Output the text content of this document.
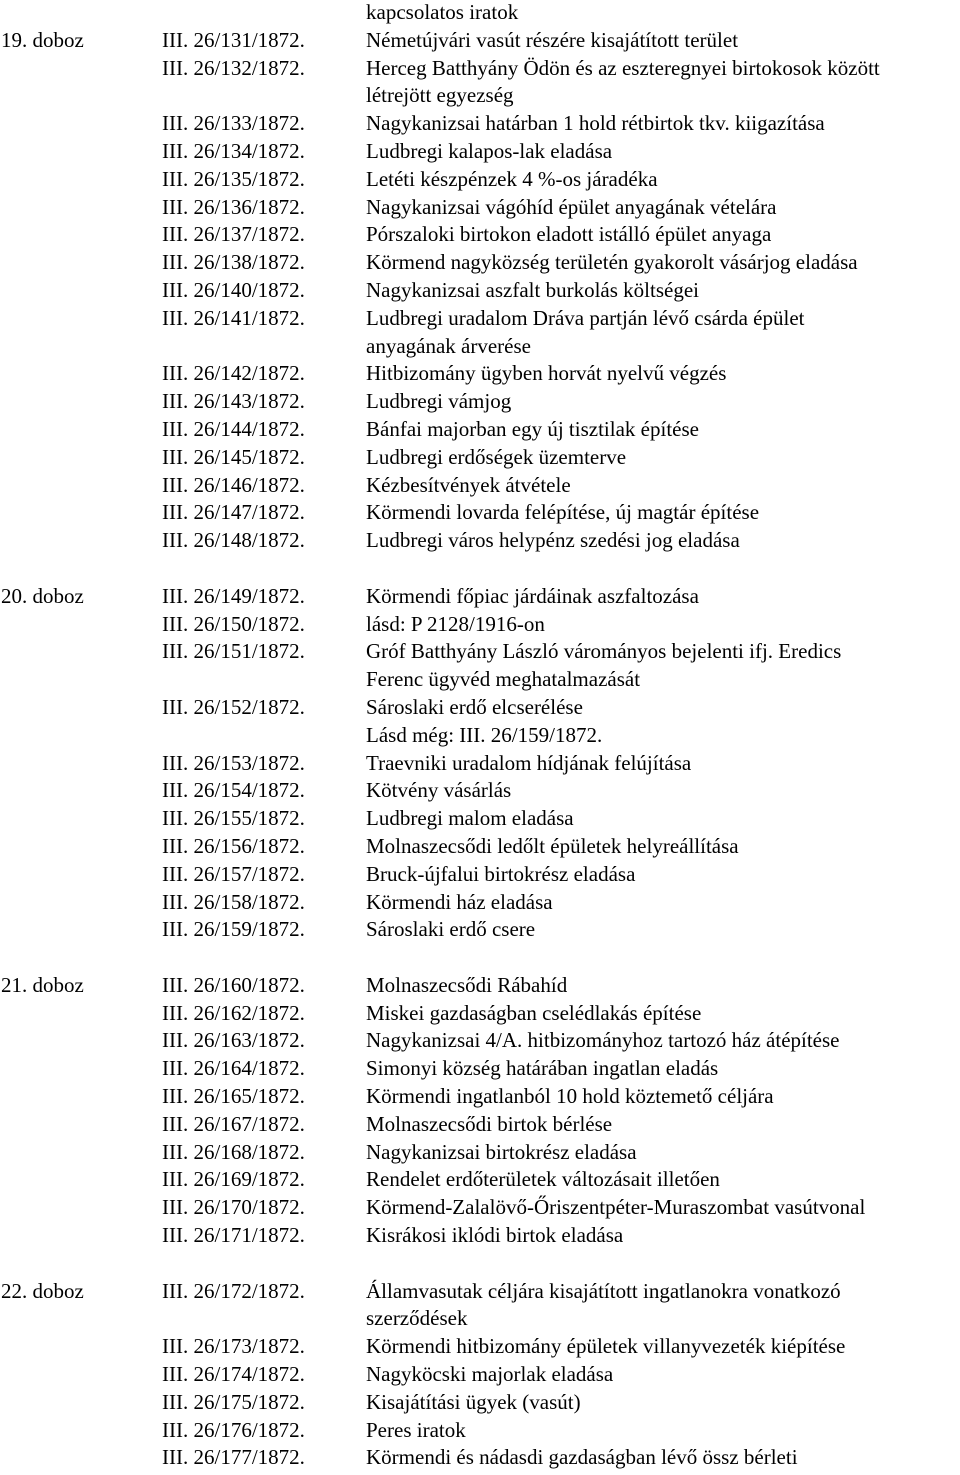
kapcsolatos iratok
19. doboz	III. 26/131/1872.	Németújvári vasút részére kisajátított terület
III. 26/132/1872.	Herceg Batthyány Ödön és az eszteregnyei birtokosok között
létrejött egyezség
III. 26/133/1872.	Nagykanizsai határban 1 hold rétbirtok tkv. kiigazítása
III. 26/134/1872.	Ludbregi kalapos-lak eladása
III. 26/135/1872.	Letéti készpénzek 4 %-os járadéka
III. 26/136/1872.	Nagykanizsai vágóhíd épület anyagának vételára
III. 26/137/1872.	Pórszaloki birtokon eladott istálló épület anyaga
III. 26/138/1872.	Körmend nagyközség területén gyakorolt vásárjog eladása
III. 26/140/1872.	Nagykanizsai aszfalt burkolás költségei
III. 26/141/1872.	Ludbregi uradalom Dráva partján lévő csárda épület
anyagának árverése
III. 26/142/1872.	Hitbizomány ügyben horvát nyelvű végzés
III. 26/143/1872.	Ludbregi vámjog
III. 26/144/1872.	Bánfai majorban egy új tisztilak építése
III. 26/145/1872.	Ludbregi erdőségek üzemterve
III. 26/146/1872.	Kézbesítvények átvétele
III. 26/147/1872.	Körmendi lovarda felépítése, új magtár építése
III. 26/148/1872.	Ludbregi város helypénz szedési jog eladása
20. doboz	III. 26/149/1872.	Körmendi főpiac járdáinak aszfaltozása
III. 26/150/1872.	lásd: P 2128/1916-on
III. 26/151/1872.	Gróf Batthyány László várományos bejelenti ifj. Eredics
Ferenc ügyvéd meghatalmazását
III. 26/152/1872.	Sároslaki erdő elcserélése
Lásd még: III. 26/159/1872.
III. 26/153/1872.	Traevniki uradalom hídjának felújítása
III. 26/154/1872.	Kötvény vásárlás
III. 26/155/1872.	Ludbregi malom eladása
III. 26/156/1872.	Molnaszecsődi ledőlt épületek helyreállítása
III. 26/157/1872.	Bruck-újfalui birtokrész eladása
III. 26/158/1872.	Körmendi ház eladása
III. 26/159/1872.	Sároslaki erdő csere
21. doboz	III. 26/160/1872.	Molnaszecsődi Rábahíd
III. 26/162/1872.	Miskei gazdaságban cselédlakás építése
III. 26/163/1872.	Nagykanizsai 4/A. hitbizományhoz tartozó ház átépítése
III. 26/164/1872.	Simonyi község határában ingatlan eladás
III. 26/165/1872.	Körmendi ingatlanból 10 hold köztemető céljára
III. 26/167/1872.	Molnaszecsődi birtok bérlése
III. 26/168/1872.	Nagykanizsai birtokrész eladása
III. 26/169/1872.	Rendelet erdőterületek változásait illetően
III. 26/170/1872.	Körmend-Zalalövő-Őriszentpéter-Muraszombat vasútvonal
III. 26/171/1872.	Kisrákosi iklódi birtok eladása
22. doboz	III. 26/172/1872.	Államvasutak céljára kisajátított ingatlanokra vonatkozó
szerződések
III. 26/173/1872.	Körmendi hitbizomány épületek villanyvezeték kiépítése
III. 26/174/1872.	Nagyköcski majorlak eladása
III. 26/175/1872.	Kisajátítási ügyek (vasút)
III. 26/176/1872.	Peres iratok
III. 26/177/1872.	Körmendi és nádasdi gazdaságban lévő össz bérleti
